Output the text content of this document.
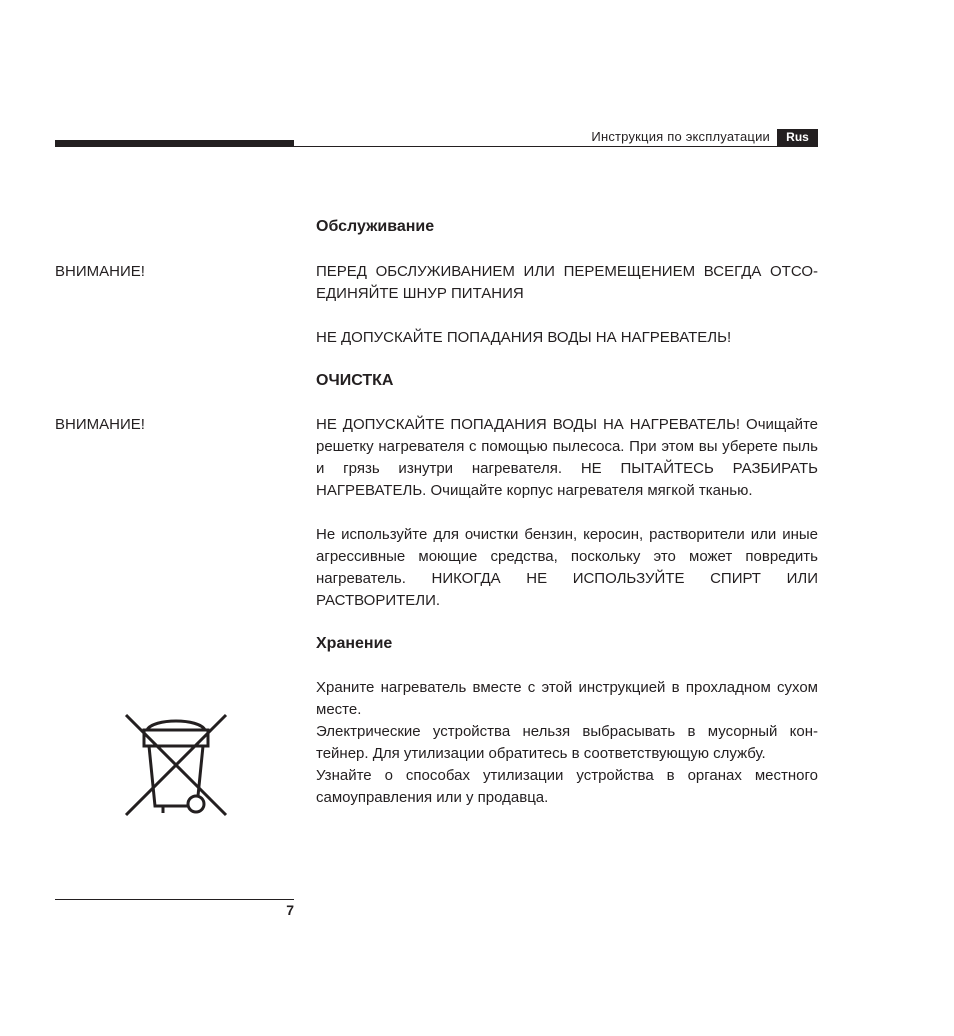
Инструкция по эксплуатации	Rus
Обслуживание
ВНИМАНИЕ!	ПЕРЕД ОБСЛУЖИВАНИЕМ ИЛИ ПЕРЕМЕЩЕНИЕМ ВСЕГДА ОТСО-ЕДИНЯЙТЕ ШНУР ПИТАНИЯ

НЕ ДОПУСКАЙТЕ ПОПАДАНИЯ ВОДЫ НА НАГРЕВАТЕЛЬ!

ОЧИСТКА
ВНИМАНИЕ!	НЕ ДОПУСКАЙТЕ ПОПАДАНИЯ ВОДЫ НА НАГРЕВАТЕЛЬ! Очищайте решетку нагревателя с помощью пылесоса. При этом вы уберете пыль и грязь изнутри нагревателя. НЕ ПЫТАЙТЕСЬ РАЗБИРАТЬ НАГРЕВАТЕЛЬ. Очищайте корпус нагревателя мягкой тканью.

Не используйте для очистки бензин, керосин, растворители или иные агрессивные моющие средства, поскольку это может повредить нагреватель. НИКОГДА НЕ ИСПОЛЬЗУЙТЕ СПИРТ ИЛИ РАСТВОРИТЕЛИ.

Хранение

Храните нагреватель вместе с этой инструкцией в прохладном сухом месте.

Электрические устройства нельзя выбрасывать в мусорный кон-тейнер. Для утилизации обратитесь в соответствующую службу.

Узнайте о способах утилизации устройства в органах местного самоуправления или у продавца.

7
